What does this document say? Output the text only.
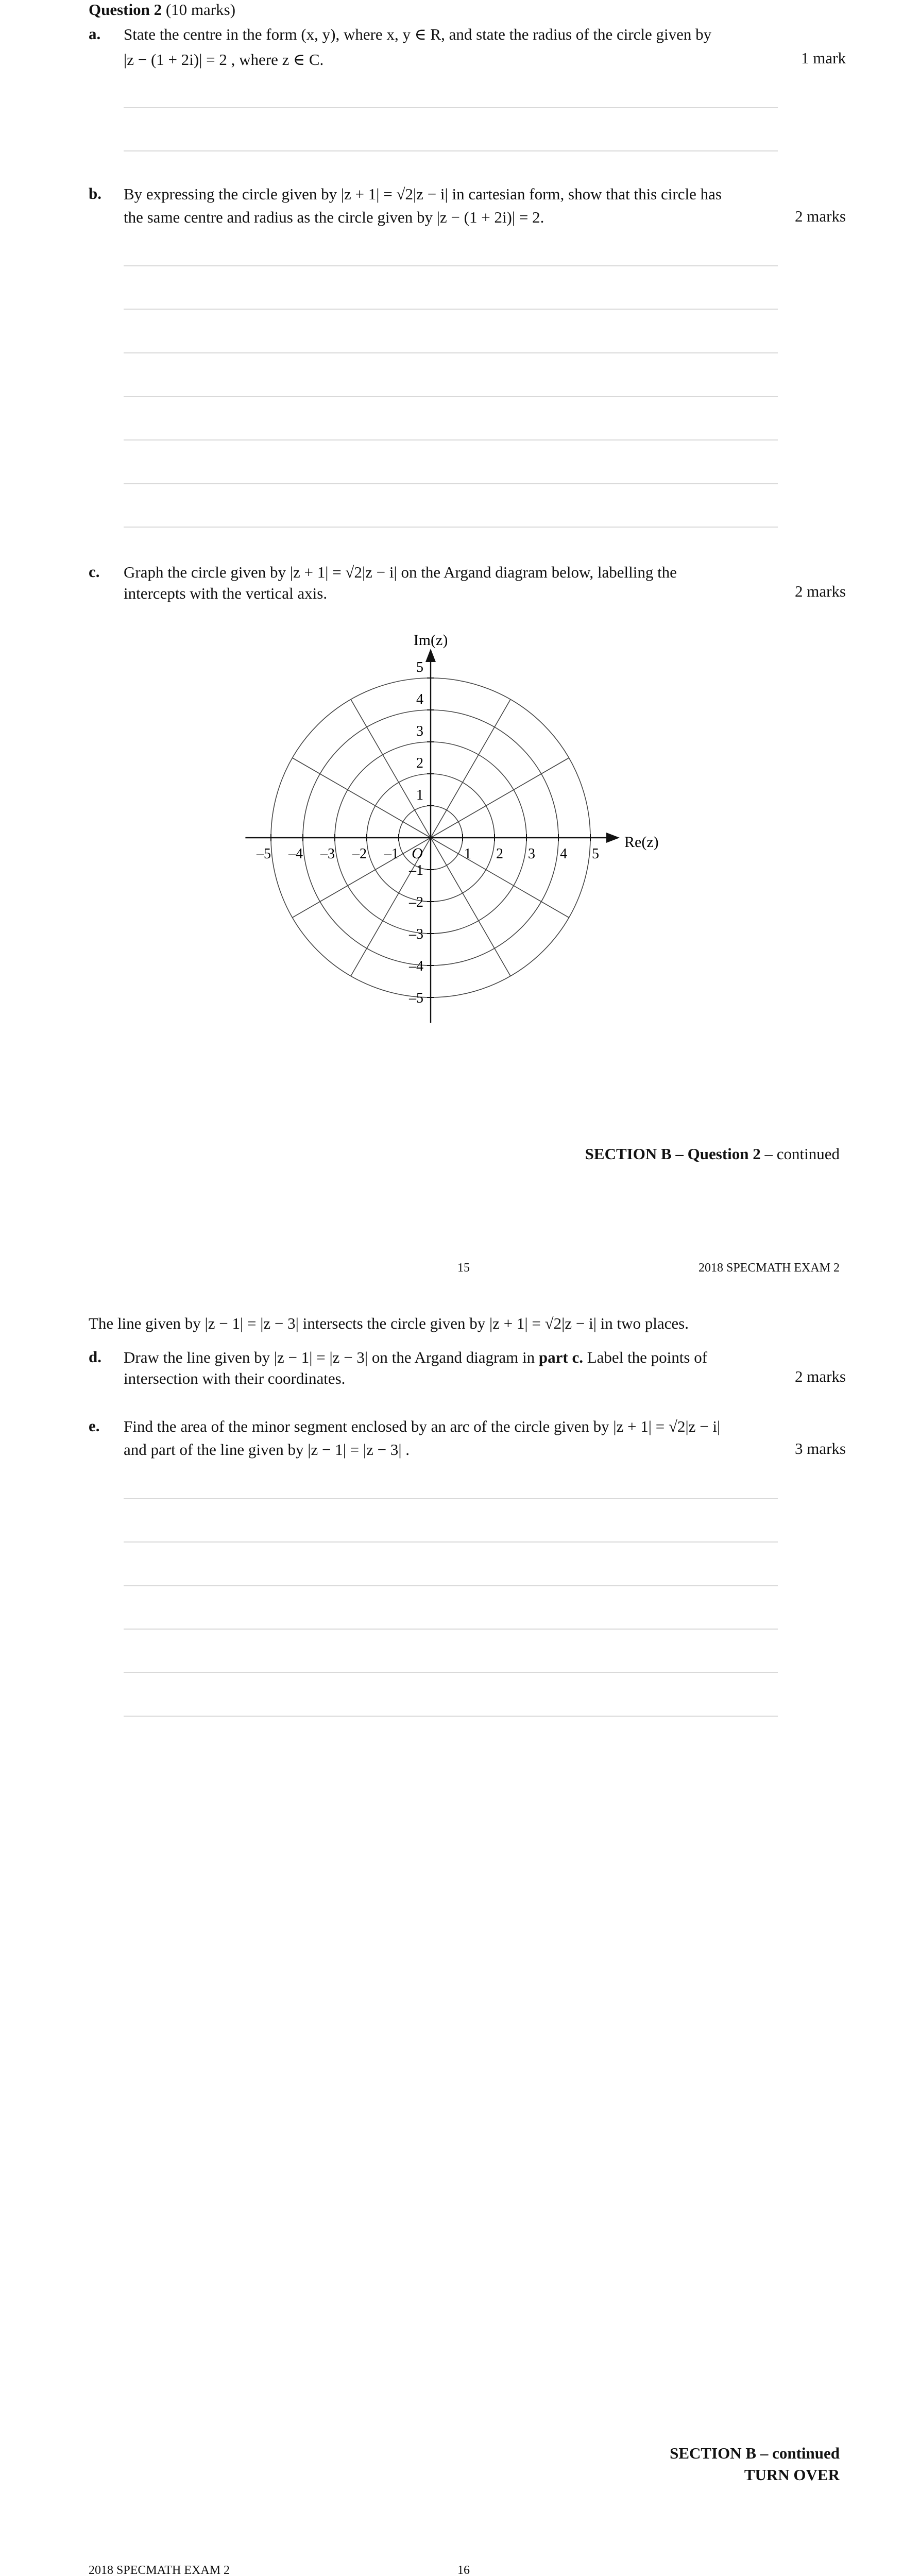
Question 2 (10 marks)
a. State the centre in the form (x, y), where x, y ∈ R, and state the radius of the circle given by
|z − (1 + 2i)| = 2 , where z ∈ C.	1 mark
b. By expressing the circle given by |z + 1| = √2|z − i| in cartesian form, show that this circle has
the same centre and radius as the circle given by |z − (1 + 2i)| = 2.	2 marks
c. Graph the circle given by |z + 1| = √2|z − i| on the Argand diagram below, labelling the
intercepts with the vertical axis.	2 marks
–5 –4 –3 –2 –1	1 2 3 4 5
5
4
3
2
1
–1
–2
–3
–4
–5
Im(z)
Re(z)
O
SECTION B – Question 2 – continued
15	2018 SPECMATH EXAM 2
The line given by |z − 1| = |z − 3| intersects the circle given by |z + 1| = √2|z − i| in two places.
d. Draw the line given by |z − 1| = |z − 3| on the Argand diagram in part c. Label the points of
intersection with their coordinates.	2 marks
e. Find the area of the minor segment enclosed by an arc of the circle given by |z + 1| = √2|z − i|
and part of the line given by |z − 1| = |z − 3| .	3 marks
SECTION B – continued
TURN OVER
2018 SPECMATH EXAM 2	16
